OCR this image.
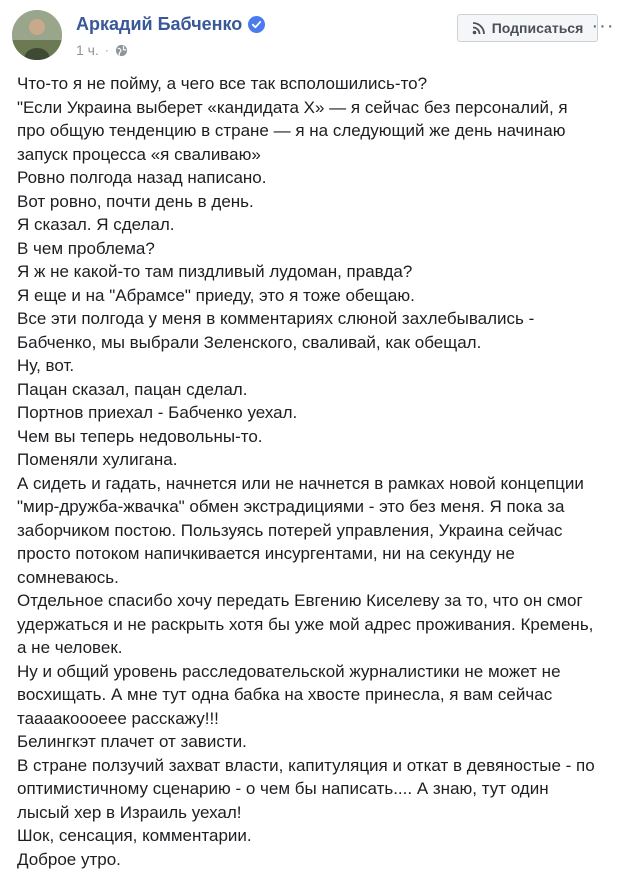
Аркадий Бабченко
1 ч. ·
Подписаться ···
Что-то я не пойму, а чего все так всполошились-то?
"Если Украина выберет «кандидата Х» — я сейчас без персоналий, я
про общую тенденцию в стране — я на следующий же день начинаю
запуск процесса «я сваливаю»
Ровно полгода назад написано.
Вот ровно, почти день в день.
Я сказал. Я сделал.
В чем проблема?
Я ж не какой-то там пиздливый лудоман, правда?
Я еще и на "Абрамсе" приеду, это я тоже обещаю.
Все эти полгода у меня в комментариях слюной захлебывались -
Бабченко, мы выбрали Зеленского, сваливай, как обещал.
Ну, вот.
Пацан сказал, пацан сделал.
Портнов приехал - Бабченко уехал.
Чем вы теперь недовольны-то.
Поменяли хулигана.
А сидеть и гадать, начнется или не начнется в рамках новой концепции
"мир-дружба-жвачка" обмен экстрадициями - это без меня. Я пока за
заборчиком постою. Пользуясь потерей управления, Украина сейчас
просто потоком напичкивается инсургентами, ни на секунду не
сомневаюсь.
Отдельное спасибо хочу передать Евгению Киселеву за то, что он смог
удержаться и не раскрыть хотя бы уже мой адрес проживания. Кремень,
а не человек.
Ну и общий уровень расследовательской журналистики не может не
восхищать. А мне тут одна бабка на хвосте принесла, я вам сейчас
таааакоооеее расскажу!!!
Белингкэт плачет от зависти.
В стране ползучий захват власти, капитуляция и откат в девяностые - по
оптимистичному сценарию - о чем бы написать.... А знаю, тут один
лысый хер в Израиль уехал!
Шок, сенсация, комментарии.
Доброе утро.
